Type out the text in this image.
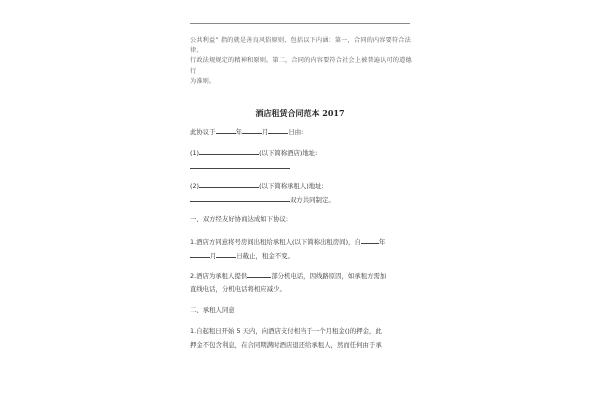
公共利益” 指的就是善良风俗原则，包括以下内涵：第一，合同的内容要符合法律、
行政法规规定的精神和原则。第二，合同的内容要符合社会上被普遍认可的道德行
为准则。
酒店租赁合同范本 2017
此协议于	年	月	日由:
(1)	(以下简称酒店)地址:
(2)	(以下简称承租人)地址:
双方共同制定。
一、双方经友好协商达成如下协议:
1.酒店方同意将号房间出租给承租人(以下简称出租房间)，自	年
月	日截止，租金不变。
2.酒店为承租人提供	部分机电话，因线路原因，如承租方需加
直线电话，分机电话将相应减少。
二、承租人同意
1.自起租日开始 5 天内，向酒店支付相当于一个月租金()的押金，此
押金不包含利息，在合同期满时酒店退还给承租人，然而任何由于承
